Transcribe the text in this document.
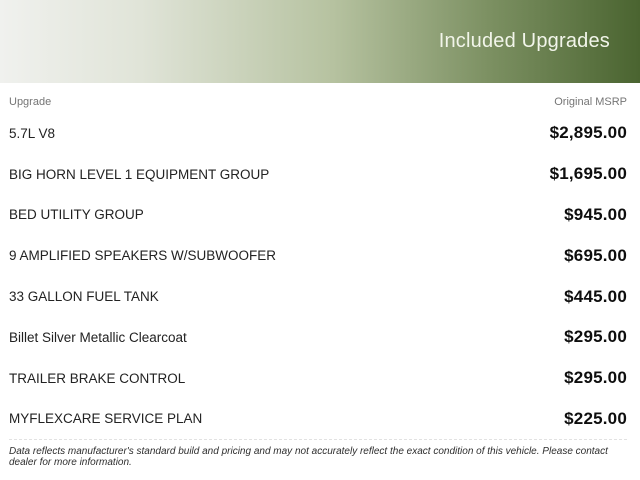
Included Upgrades
Upgrade	Original MSRP
5.7L V8	$2,895.00
BIG HORN LEVEL 1 EQUIPMENT GROUP	$1,695.00
BED UTILITY GROUP	$945.00
9 AMPLIFIED SPEAKERS W/SUBWOOFER	$695.00
33 GALLON FUEL TANK	$445.00
Billet Silver Metallic Clearcoat	$295.00
TRAILER BRAKE CONTROL	$295.00
MYFLEXCARE SERVICE PLAN	$225.00
Data reflects manufacturer's standard build and pricing and may not accurately reflect the exact condition of this vehicle. Please contact dealer for more information.
